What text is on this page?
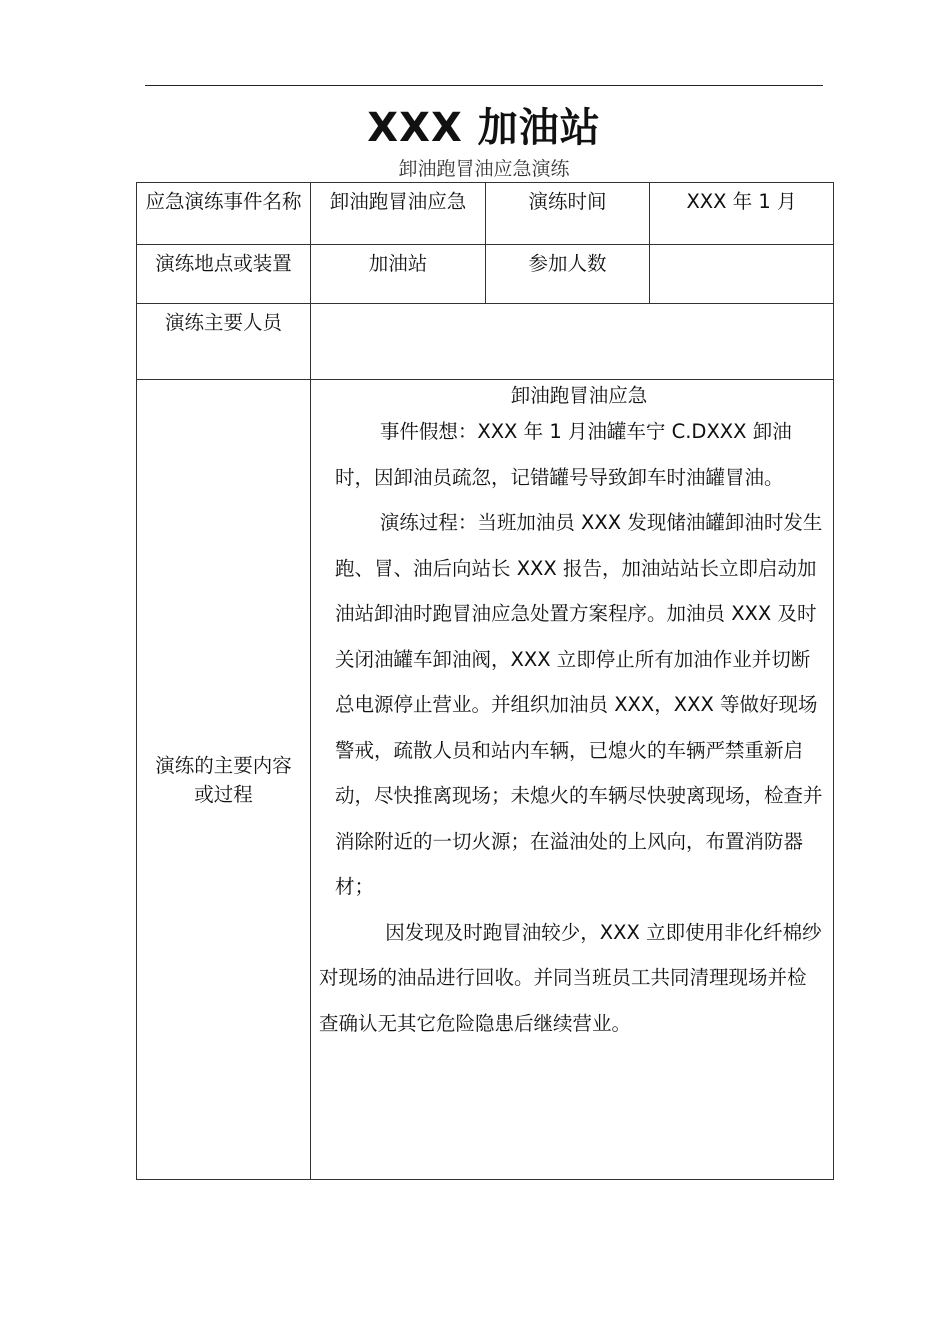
XXX 加油站
卸油跑冒油应急演练
应急演练事件名称	卸油跑冒油应急	演练时间	XXX 年 1 月
演练地点或装置	加油站	参加人数	
演练主要人员			

演练的主要内容或过程	卸油跑冒油应急

事件假想：XXX 年 1 月油罐车宁 C.DXXX 卸油时，因卸油员疏忽，记错罐号导致卸车时油罐冒油。

演练过程：当班加油员 XXX 发现储油罐卸油时发生跑、冒、油后向站长 XXX 报告，加油站站长立即启动加油站卸油时跑冒油应急处置方案程序。加油员 XXX 及时关闭油罐车卸油阀，XXX 立即停止所有加油作业并切断总电源停止营业。并组织加油员 XXX，XXX 等做好现场警戒，疏散人员和站内车辆，已熄火的车辆严禁重新启动，尽快推离现场；未熄火的车辆尽快驶离现场，检查并消除附近的一切火源；在溢油处的上风向，布置消防器材；

因发现及时跑冒油较少，XXX 立即使用非化纤棉纱对现场的油品进行回收。并同当班员工共同清理现场并检查确认无其它危险隐患后继续营业。		
